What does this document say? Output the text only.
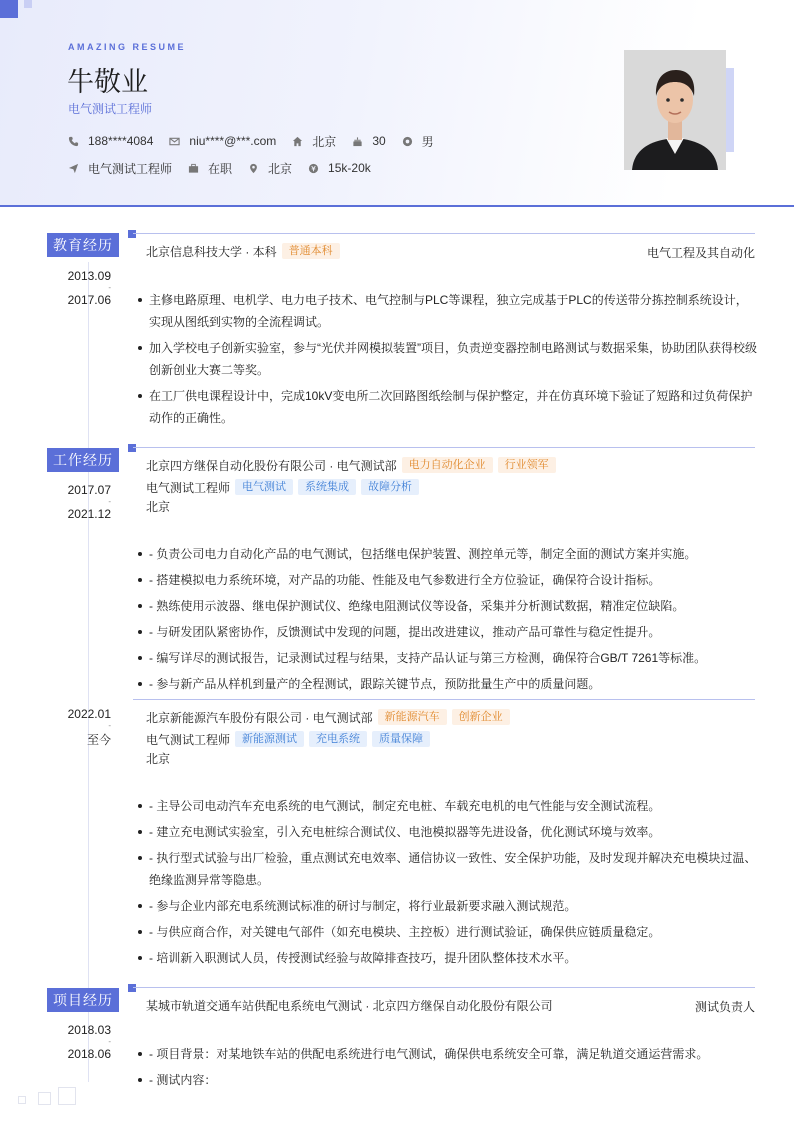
AMAZING RESUME
牛敬业
电气测试工程师
188****4084	niu****@***.com	北京	30	男
电气测试工程师	在职	北京	15k-20k
教育经历	北京信息科技大学 · 本科	普通本科	电气工程及其自动化
2013.09
-
2017.06	主修电路原理、电机学、电力电子技术、电气控制与PLC等课程，独立完成基于PLC的传送带分拣控制系统设计，实现从图纸到实物的全流程调试。
加入学校电子创新实验室，参与“光伏并网模拟装置”项目，负责逆变器控制电路测试与数据采集，协助团队获得校级创新创业大赛二等奖。
在工厂供电课程设计中，完成10kV变电所二次回路图纸绘制与保护整定，并在仿真环境下验证了短路和过负荷保护动作的正确性。
工作经历	北京四方继保自动化股份有限公司 · 电气测试部	电力自动化企业	行业领军
电气测试工程师	电气测试	系统集成	故障分析
北京
2017.07
-
2021.12
- 负责公司电力自动化产品的电气测试，包括继电保护装置、测控单元等，制定全面的测试方案并实施。
- 搭建模拟电力系统环境，对产品的功能、性能及电气参数进行全方位验证，确保符合设计指标。
- 熟练使用示波器、继电保护测试仪、绝缘电阻测试仪等设备，采集并分析测试数据，精准定位缺陷。
- 与研发团队紧密协作，反馈测试中发现的问题，提出改进建议，推动产品可靠性与稳定性提升。
- 编写详尽的测试报告，记录测试过程与结果，支持产品认证与第三方检测，确保符合GB/T 7261等标准。
- 参与新产品从样机到量产的全程测试，跟踪关键节点，预防批量生产中的质量问题。
北京新能源汽车股份有限公司 · 电气测试部	新能源汽车	创新企业
电气测试工程师	新能源测试	充电系统	质量保障
北京
2022.01
-
至今
- 主导公司电动汽车充电系统的电气测试，制定充电桩、车载充电机的电气性能与安全测试流程。
- 建立充电测试实验室，引入充电桩综合测试仪、电池模拟器等先进设备，优化测试环境与效率。
- 执行型式试验与出厂检验，重点测试充电效率、通信协议一致性、安全保护功能，及时发现并解决充电模块过温、绝缘监测异常等隐患。
- 参与企业内部充电系统测试标准的研讨与制定，将行业最新要求融入测试规范。
- 与供应商合作，对关键电气部件（如充电模块、主控板）进行测试验证，确保供应链质量稳定。
- 培训新入职测试人员，传授测试经验与故障排查技巧，提升团队整体技术水平。
项目经历	某城市轨道交通车站供配电系统电气测试 · 北京四方继保自动化股份有限公司	测试负责人
2018.03
-
2018.06	- 项目背景：对某地铁车站的供配电系统进行电气测试，确保供电系统安全可靠，满足轨道交通运营需求。
- 测试内容：
